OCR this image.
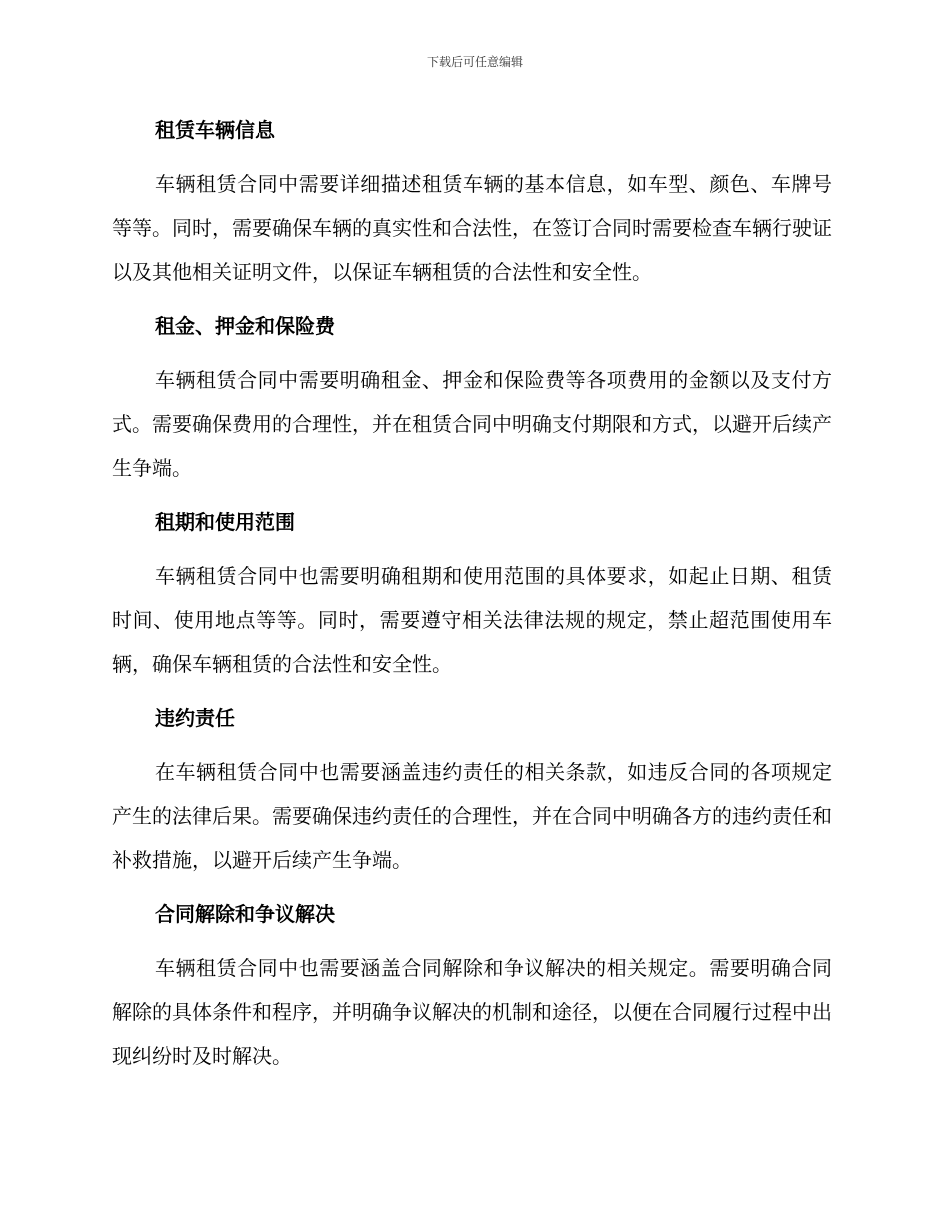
下载后可任意编辑
租赁车辆信息

车辆租赁合同中需要详细描述租赁车辆的基本信息，如车型、颜色、车牌号等等。同时，需要确保车辆的真实性和合法性，在签订合同时需要检查车辆行驶证以及其他相关证明文件，以保证车辆租赁的合法性和安全性。

租金、押金和保险费

车辆租赁合同中需要明确租金、押金和保险费等各项费用的金额以及支付方式。需要确保费用的合理性，并在租赁合同中明确支付期限和方式，以避开后续产生争端。

租期和使用范围

车辆租赁合同中也需要明确租期和使用范围的具体要求，如起止日期、租赁时间、使用地点等等。同时，需要遵守相关法律法规的规定，禁止超范围使用车辆，确保车辆租赁的合法性和安全性。

违约责任

在车辆租赁合同中也需要涵盖违约责任的相关条款，如违反合同的各项规定产生的法律后果。需要确保违约责任的合理性，并在合同中明确各方的违约责任和补救措施，以避开后续产生争端。

合同解除和争议解决

车辆租赁合同中也需要涵盖合同解除和争议解决的相关规定。需要明确合同解除的具体条件和程序，并明确争议解决的机制和途径，以便在合同履行过程中出现纠纷时及时解决。
